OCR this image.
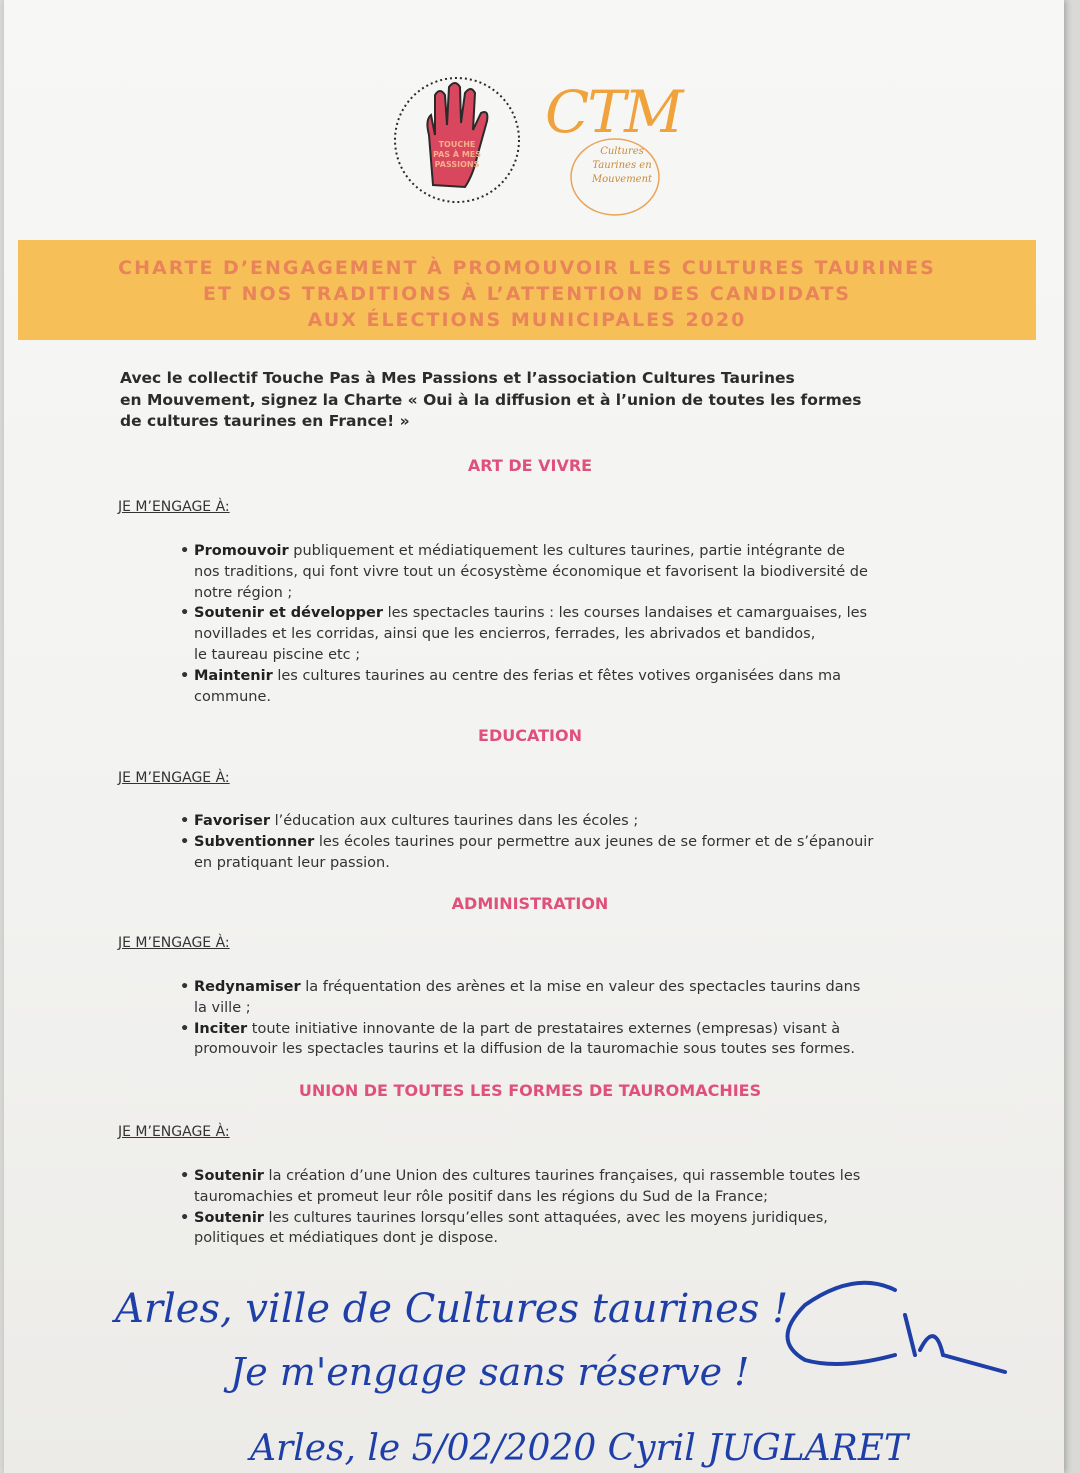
TOUCHE
PAS À MES
PASSIONS
CTM
Cultures
Taurines en
Mouvement
CHARTE D’ENGAGEMENT À PROMOUVOIR LES CULTURES TAURINES
ET NOS TRADITIONS À L’ATTENTION DES CANDIDATS
AUX ÉLECTIONS MUNICIPALES 2020
Avec le collectif Touche Pas à Mes Passions et l’association Cultures Taurines
en Mouvement, signez la Charte « Oui à la diffusion et à l’union de toutes les formes
de cultures taurines en France! »
ART DE VIVRE
JE M’ENGAGE À:
• Promouvoir publiquement et médiatiquement les cultures taurines, partie intégrante de
nos traditions, qui font vivre tout un écosystème économique et favorisent la biodiversité de
notre région ;
• Soutenir et développer les spectacles taurins : les courses landaises et camarguaises, les
novillades et les corridas, ainsi que les encierros, ferrades, les abrivados et bandidos,
le taureau piscine etc ;
• Maintenir les cultures taurines au centre des ferias et fêtes votives organisées dans ma
commune.
EDUCATION
JE M’ENGAGE À:
• Favoriser l’éducation aux cultures taurines dans les écoles ;
• Subventionner les écoles taurines pour permettre aux jeunes de se former et de s’épanouir
en pratiquant leur passion.
ADMINISTRATION
JE M’ENGAGE À:
• Redynamiser la fréquentation des arènes et la mise en valeur des spectacles taurins dans
la ville ;
• Inciter toute initiative innovante de la part de prestataires externes (empresas) visant à
promouvoir les spectacles taurins et la diffusion de la tauromachie sous toutes ses formes.
UNION DE TOUTES LES FORMES DE TAUROMACHIES
JE M’ENGAGE À:
• Soutenir la création d’une Union des cultures taurines françaises, qui rassemble toutes les
tauromachies et promeut leur rôle positif dans les régions du Sud de la France;
• Soutenir les cultures taurines lorsqu’elles sont attaquées, avec les moyens juridiques,
politiques et médiatiques dont je dispose.
Arles, ville de Cultures taurines !
Je m'engage sans réserve !
Arles, le 5/02/2020 Cyril JUGLARET
